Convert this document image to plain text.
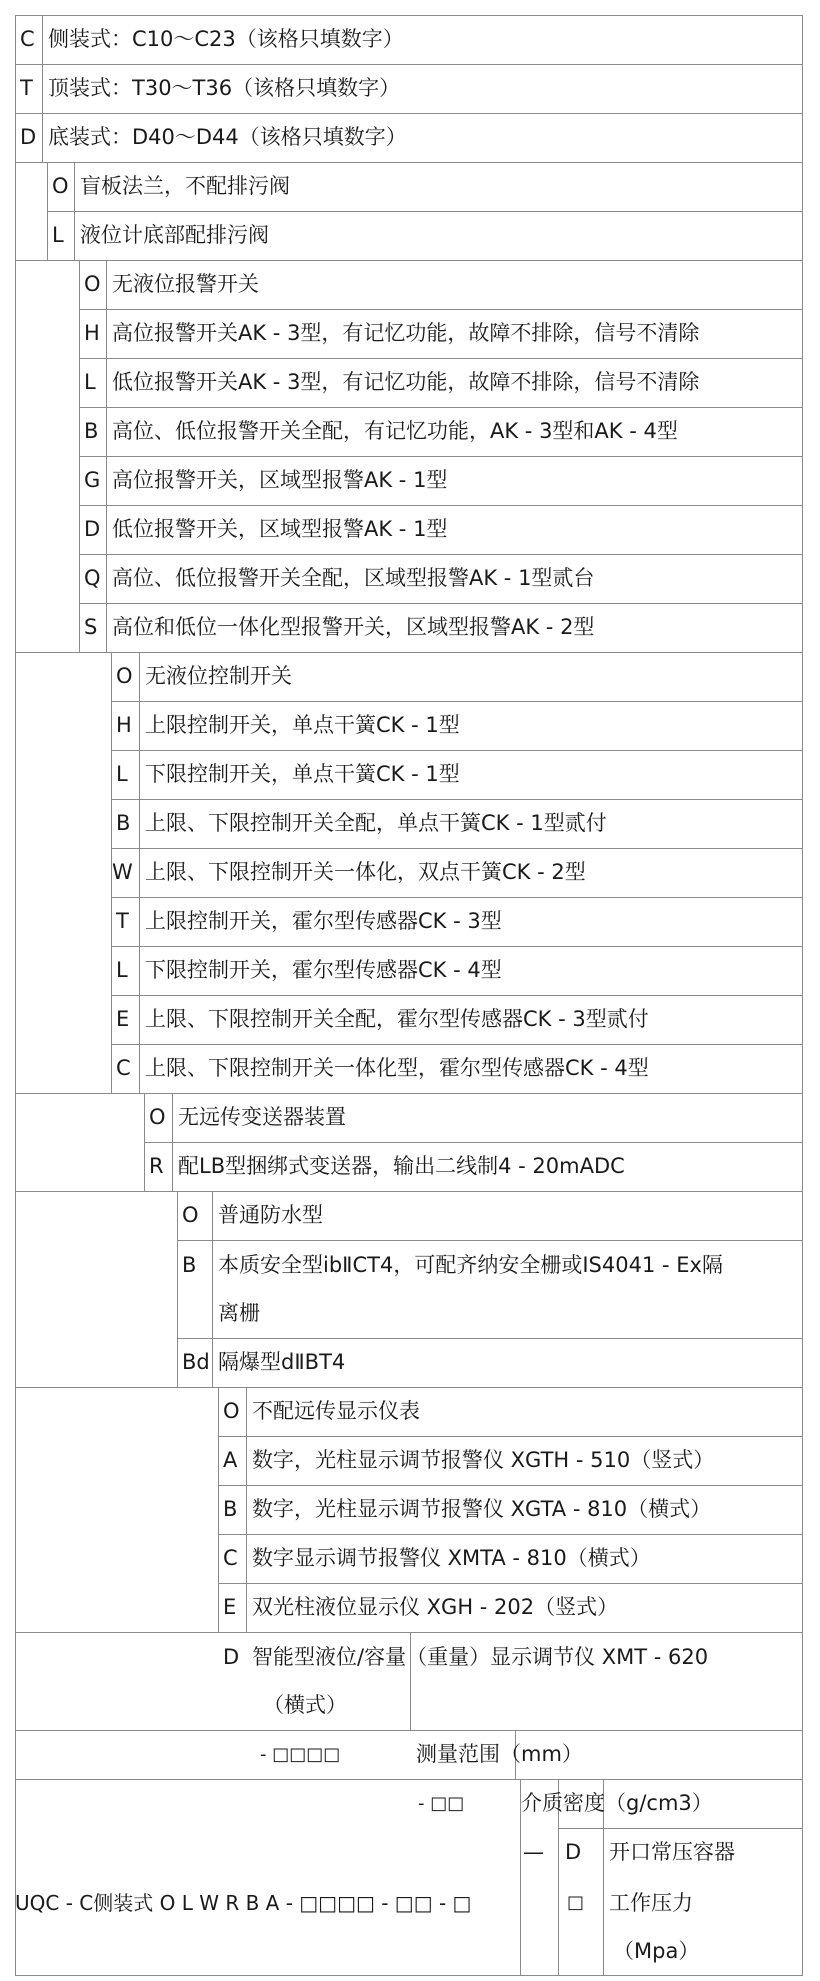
C 侧装式：C10～C23（该格只填数字）
T 顶装式：T30～T36（该格只填数字）
D 底装式：D40～D44（该格只填数字）
O 盲板法兰，不配排污阀
L 液位计底部配排污阀
O 无液位报警开关
H 高位报警开关AK - 3型，有记忆功能，故障不排除，信号不清除
L 低位报警开关AK - 3型，有记忆功能，故障不排除，信号不清除
B 高位、低位报警开关全配，有记忆功能，AK - 3型和AK - 4型
G 高位报警开关，区域型报警AK - 1型
D 低位报警开关，区域型报警AK - 1型
Q 高位、低位报警开关全配，区域型报警AK - 1型贰台
S 高位和低位一体化型报警开关，区域型报警AK - 2型
O 无液位控制开关
H 上限控制开关，单点干簧CK - 1型
L 下限控制开关，单点干簧CK - 1型
B 上限、下限控制开关全配，单点干簧CK - 1型贰付
W 上限、下限控制开关一体化，双点干簧CK - 2型
T 上限控制开关，霍尔型传感器CK - 3型
L 下限控制开关，霍尔型传感器CK - 4型
E 上限、下限控制开关全配，霍尔型传感器CK - 3型贰付
C 上限、下限控制开关一体化型，霍尔型传感器CK - 4型
O 无远传变送器装置
R 配LB型捆绑式变送器，输出二线制4 - 20mADC
O 普通防水型
B 本质安全型ibⅡCT4，可配齐纳安全栅或IS4041 - Ex隔
离栅
Bd 隔爆型dⅡBT4
O 不配远传显示仪表
A 数字，光柱显示调节报警仪 XGTH - 510（竖式）
B 数字，光柱显示调节报警仪 XGTA - 810（横式）
C 数字显示调节报警仪 XMTA - 810（横式）
E 双光柱液位显示仪 XGH - 202（竖式）
D 智能型液位/容量（重量）显示调节仪 XMT - 620
（横式）
- □□□□	测量范围（mm）
- □□	介质密度（g/cm3）
— D 开口常压容器
□ 工作压力
（Mpa）
UQC - C侧装式 O L W R B A - □□□□ - □□ - □
